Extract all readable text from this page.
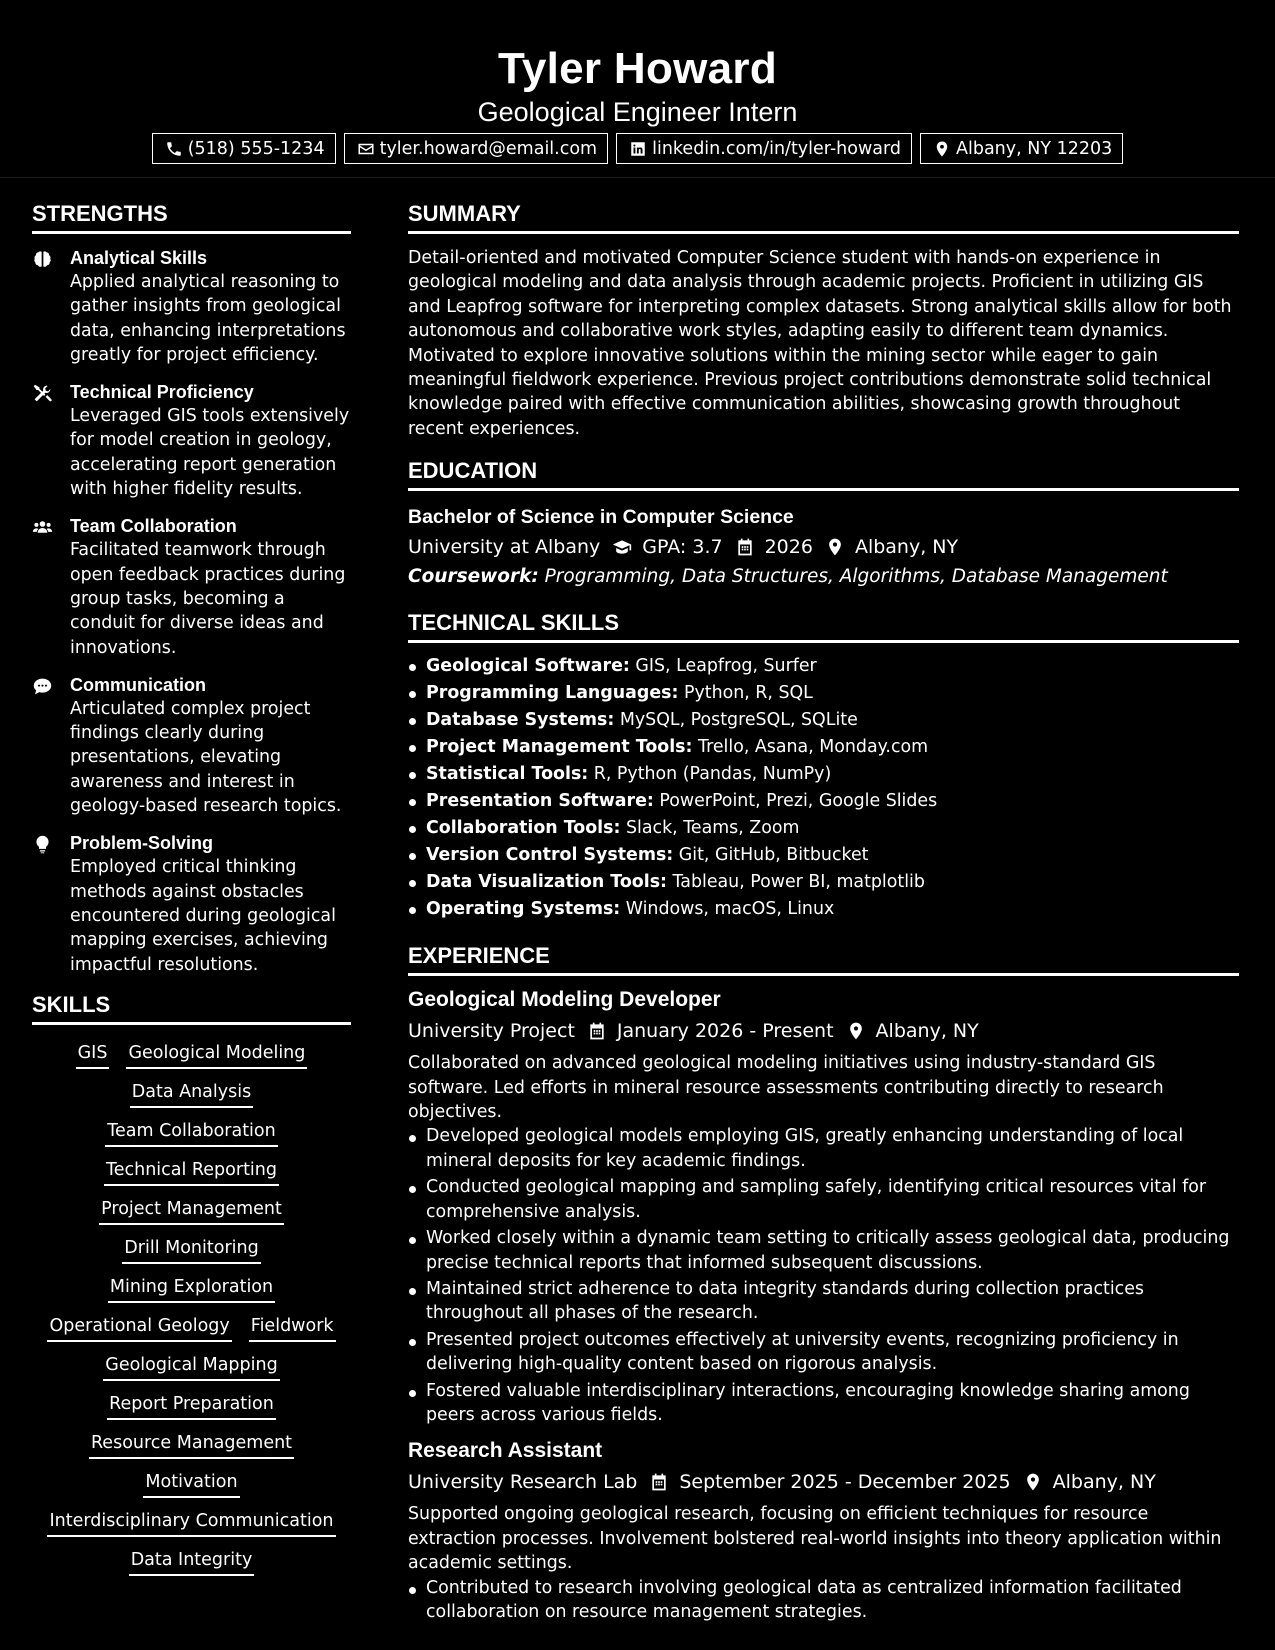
Tyler Howard
Geological Engineer Intern
(518) 555-1234	tyler.howard@email.com	linkedin.com/in/tyler-howard	Albany, NY 12203
STRENGTHS
Analytical Skills
Applied analytical reasoning to gather insights from geological data, enhancing interpretations greatly for project efficiency.
Technical Proficiency
Leveraged GIS tools extensively for model creation in geology, accelerating report generation with higher fidelity results.
Team Collaboration
Facilitated teamwork through open feedback practices during group tasks, becoming a conduit for diverse ideas and innovations.
Communication
Articulated complex project findings clearly during presentations, elevating awareness and interest in geology-based research topics.
Problem-Solving
Employed critical thinking methods against obstacles encountered during geological mapping exercises, achieving impactful resolutions.
SKILLS
GIS Geological Modeling
Data Analysis
Team Collaboration
Technical Reporting
Project Management
Drill Monitoring
Mining Exploration
Operational Geology Fieldwork
Geological Mapping
Report Preparation
Resource Management
Motivation
Interdisciplinary Communication
Data Integrity
SUMMARY
Detail-oriented and motivated Computer Science student with hands-on experience in geological modeling and data analysis through academic projects. Proficient in utilizing GIS and Leapfrog software for interpreting complex datasets. Strong analytical skills allow for both autonomous and collaborative work styles, adapting easily to different team dynamics. Motivated to explore innovative solutions within the mining sector while eager to gain meaningful fieldwork experience. Previous project contributions demonstrate solid technical knowledge paired with effective communication abilities, showcasing growth throughout recent experiences.
EDUCATION
Bachelor of Science in Computer Science
University at Albany GPA: 3.7 2026 Albany, NY
Coursework: Programming, Data Structures, Algorithms, Database Management
TECHNICAL SKILLS
Geological Software: GIS, Leapfrog, Surfer
Programming Languages: Python, R, SQL
Database Systems: MySQL, PostgreSQL, SQLite
Project Management Tools: Trello, Asana, Monday.com
Statistical Tools: R, Python (Pandas, NumPy)
Presentation Software: PowerPoint, Prezi, Google Slides
Collaboration Tools: Slack, Teams, Zoom
Version Control Systems: Git, GitHub, Bitbucket
Data Visualization Tools: Tableau, Power BI, matplotlib
Operating Systems: Windows, macOS, Linux
EXPERIENCE
Geological Modeling Developer
University Project January 2026 - Present Albany, NY
Collaborated on advanced geological modeling initiatives using industry-standard GIS software. Led efforts in mineral resource assessments contributing directly to research objectives.
Developed geological models employing GIS, greatly enhancing understanding of local mineral deposits for key academic findings.
Conducted geological mapping and sampling safely, identifying critical resources vital for comprehensive analysis.
Worked closely within a dynamic team setting to critically assess geological data, producing precise technical reports that informed subsequent discussions.
Maintained strict adherence to data integrity standards during collection practices throughout all phases of the research.
Presented project outcomes effectively at university events, recognizing proficiency in delivering high-quality content based on rigorous analysis.
Fostered valuable interdisciplinary interactions, encouraging knowledge sharing among peers across various fields.
Research Assistant
University Research Lab September 2025 - December 2025 Albany, NY
Supported ongoing geological research, focusing on efficient techniques for resource extraction processes. Involvement bolstered real-world insights into theory application within academic settings.
Contributed to research involving geological data as centralized information facilitated collaboration on resource management strategies.
